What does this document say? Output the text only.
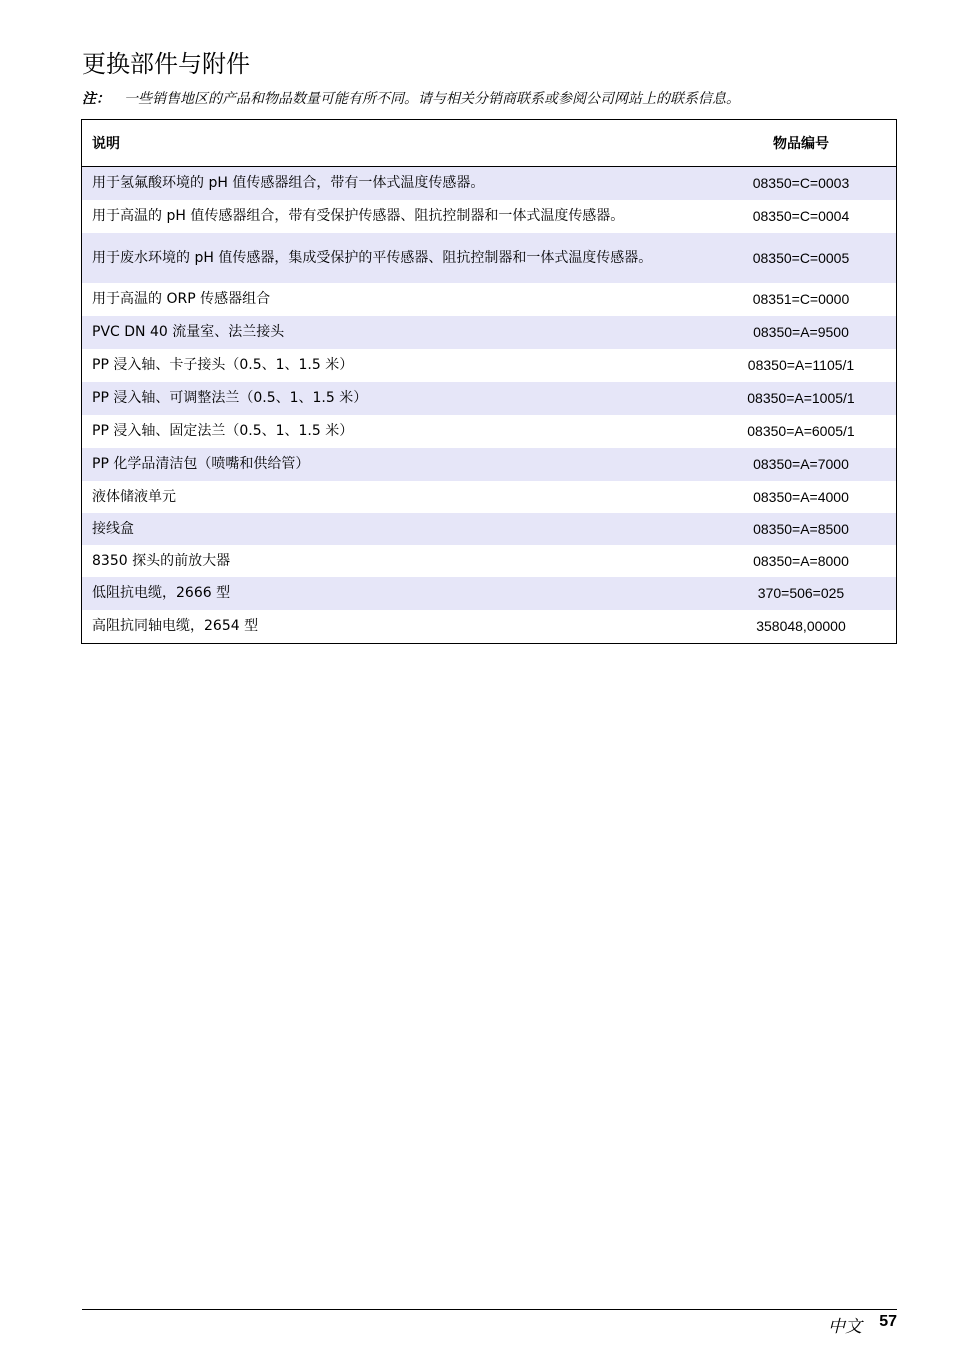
更换部件与附件
注： 一些销售地区的产品和物品数量可能有所不同。请与相关分销商联系或参阅公司网站上的联系信息。
说明	物品编号
用于氢氟酸环境的 pH 值传感器组合，带有一体式温度传感器。	08350=C=0003
用于高温的 pH 值传感器组合，带有受保护传感器、阻抗控制器和一体式温度传感器。	08350=C=0004
用于废水环境的 pH 值传感器，集成受保护的平传感器、阻抗控制器和一体式温度传感器。	08350=C=0005
用于高温的 ORP 传感器组合	08351=C=0000
PVC DN 40 流量室、法兰接头	08350=A=9500
PP 浸入轴、卡子接头（0.5、1、1.5 米）	08350=A=1105/1
PP 浸入轴、可调整法兰（0.5、1、1.5 米）	08350=A=1005/1
PP 浸入轴、固定法兰（0.5、1、1.5 米）	08350=A=6005/1
PP 化学品清洁包（喷嘴和供给管）	08350=A=7000
液体储液单元	08350=A=4000
接线盒	08350=A=8500
8350 探头的前放大器	08350=A=8000
低阻抗电缆，2666 型	370=506=025
高阻抗同轴电缆，2654 型	358048,00000
中文 57
